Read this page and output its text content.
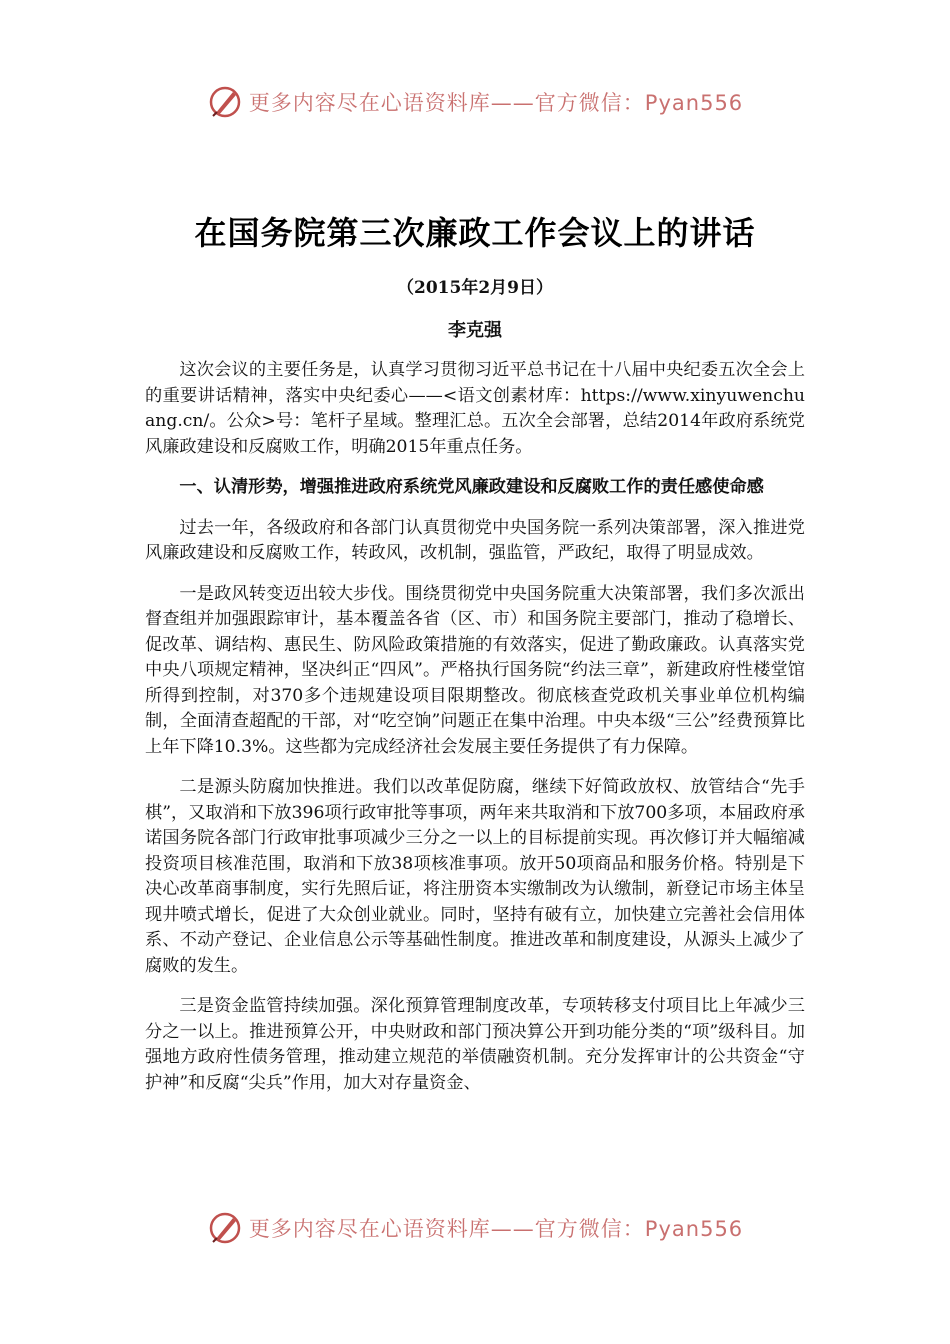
更多内容尽在心语资料库——官方微信：Pyan556
在国务院第三次廉政工作会议上的讲话

（2015年2月9日）

李克强

这次会议的主要任务是，认真学习贯彻习近平总书记在十八届中央纪委五次全会上的重要讲话精神，落实中央纪委心——<语文创素材库：https://www.xinyuwenchuang.cn/。公众>号：笔杆子星域。整理汇总。五次全会部署，总结2014年政府系统党风廉政建设和反腐败工作，明确2015年重点任务。

一、认清形势，增强推进政府系统党风廉政建设和反腐败工作的责任感使命感

过去一年，各级政府和各部门认真贯彻党中央国务院一系列决策部署，深入推进党风廉政建设和反腐败工作，转政风，改机制，强监管，严政纪，取得了明显成效。

一是政风转变迈出较大步伐。围绕贯彻党中央国务院重大决策部署，我们多次派出督查组并加强跟踪审计，基本覆盖各省（区、市）和国务院主要部门，推动了稳增长、促改革、调结构、惠民生、防风险政策措施的有效落实，促进了勤政廉政。认真落实党中央八项规定精神，坚决纠正“四风”。严格执行国务院“约法三章”，新建政府性楼堂馆所得到控制，对370多个违规建设项目限期整改。彻底核查党政机关事业单位机构编制，全面清查超配的干部，对“吃空饷”问题正在集中治理。中央本级“三公”经费预算比上年下降10.3%。这些都为完成经济社会发展主要任务提供了有力保障。

二是源头防腐加快推进。我们以改革促防腐，继续下好简政放权、放管结合“先手棋”，又取消和下放396项行政审批等事项，两年来共取消和下放700多项，本届政府承诺国务院各部门行政审批事项减少三分之一以上的目标提前实现。再次修订并大幅缩减投资项目核准范围，取消和下放38项核准事项。放开50项商品和服务价格。特别是下决心改革商事制度，实行先照后证，将注册资本实缴制改为认缴制，新登记市场主体呈现井喷式增长，促进了大众创业就业。同时，坚持有破有立，加快建立完善社会信用体系、不动产登记、企业信息公示等基础性制度。推进改革和制度建设，从源头上减少了腐败的发生。

三是资金监管持续加强。深化预算管理制度改革，专项转移支付项目比上年减少三分之一以上。推进预算公开，中央财政和部门预决算公开到功能分类的“项”级科目。加强地方政府性债务管理，推动建立规范的举债融资机制。充分发挥审计的公共资金“守护神”和反腐“尖兵”作用，加大对存量资金、

更多内容尽在心语资料库——官方微信：Pyan556
